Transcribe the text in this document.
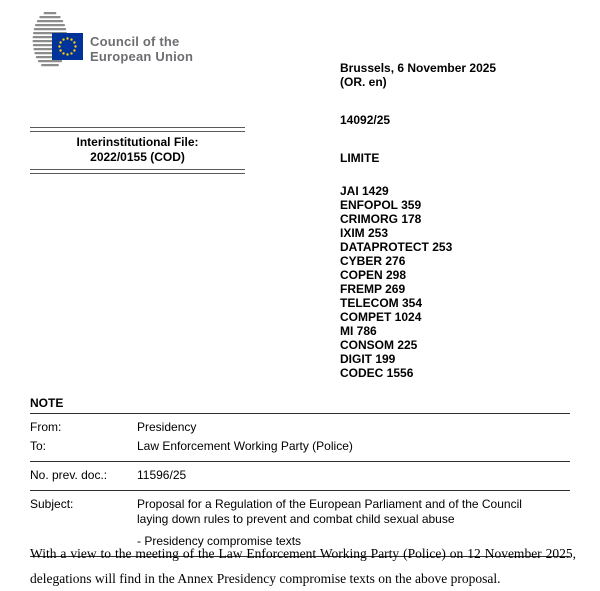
Council of the
European Union
Brussels, 6 November 2025
(OR. en)
14092/25
LIMITE
JAI 1429
ENFOPOL 359
CRIMORG 178
IXIM 253
DATAPROTECT 253
CYBER 276
COPEN 298
FREMP 269
TELECOM 354
COMPET 1024
MI 786
CONSOM 225
DIGIT 199
CODEC 1556
Interinstitutional File:
2022/0155 (COD)
NOTE
From:	Presidency
To:	Law Enforcement Working Party (Police)
No. prev. doc.:	11596/25
Subject:	Proposal for a Regulation of the European Parliament and of the Council
laying down rules to prevent and combat child sexual abuse
- Presidency compromise texts
With a view to the meeting of the Law Enforcement Working Party (Police) on 12 November 2025, delegations will find in the Annex Presidency compromise texts on the above proposal.
